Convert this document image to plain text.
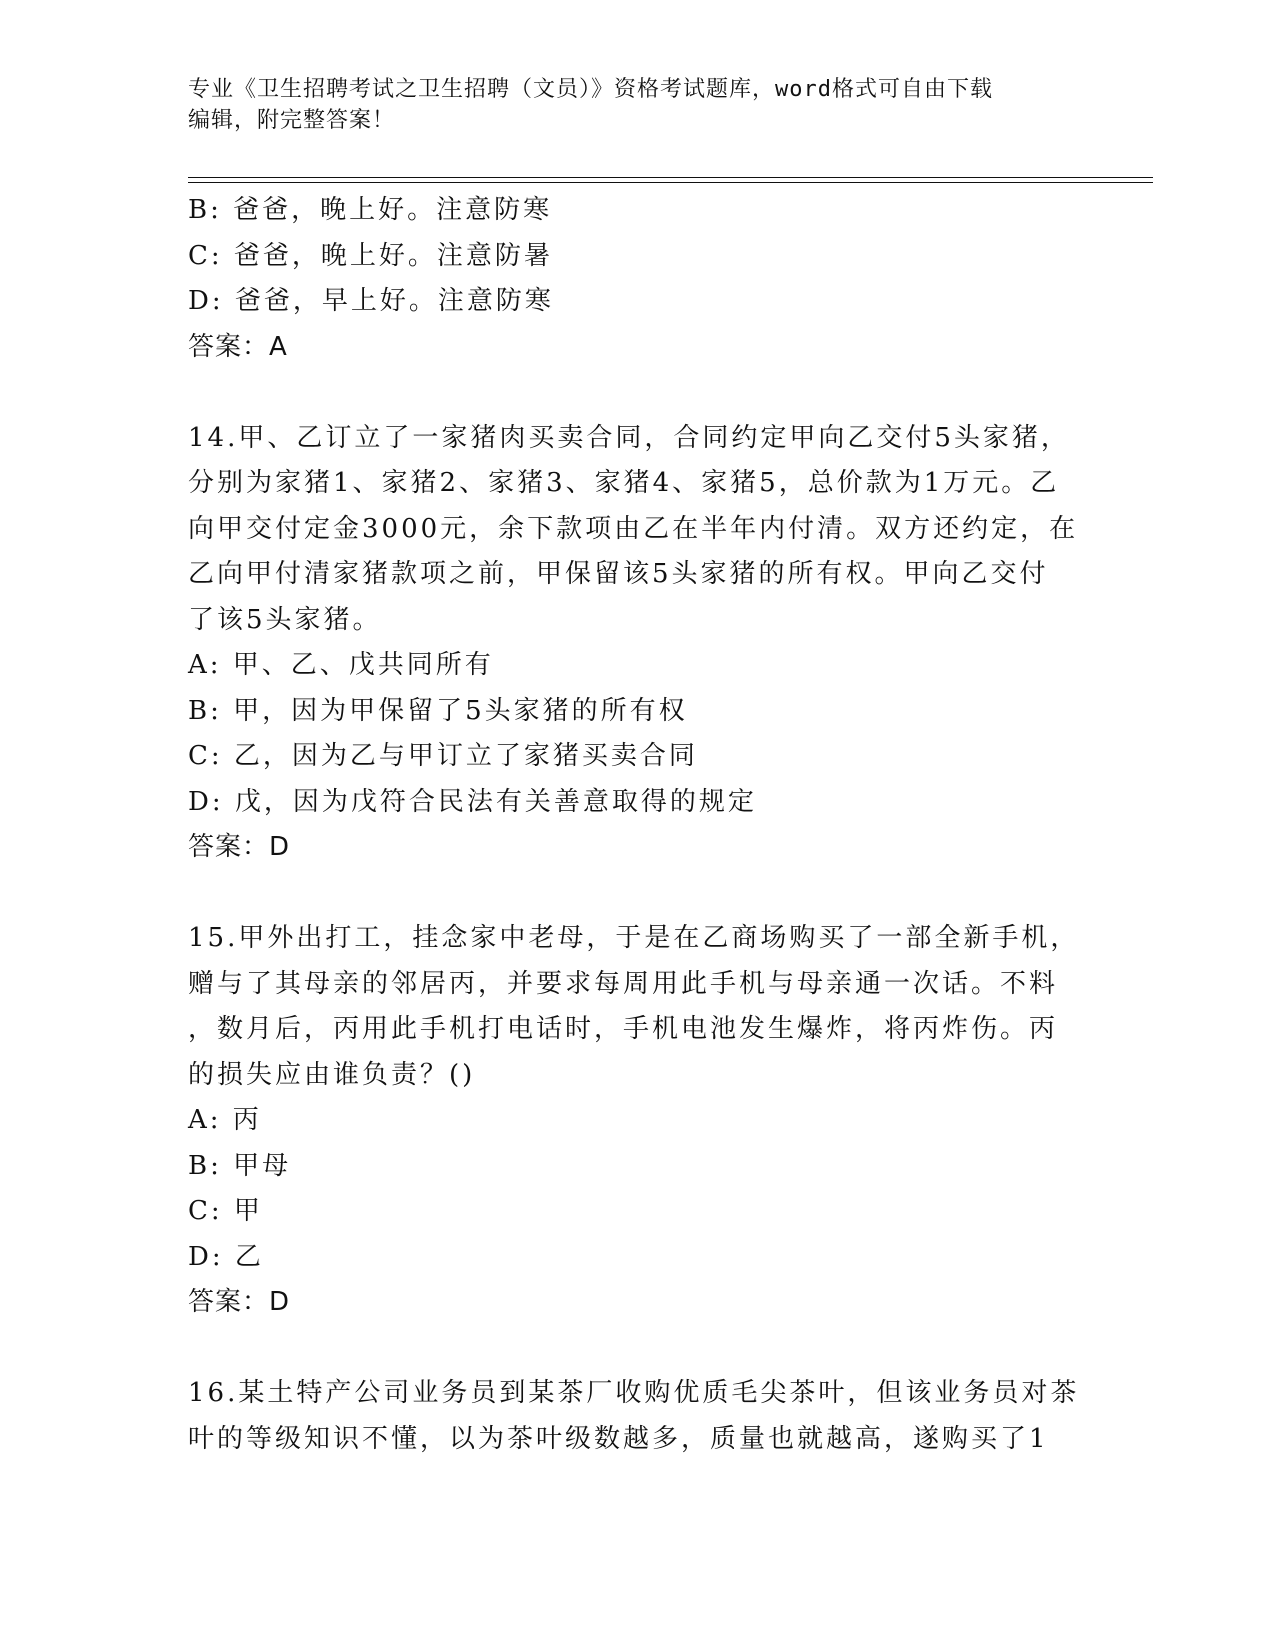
专业《卫生招聘考试之卫生招聘（文员）》资格考试题库，word格式可自由下载
编辑，附完整答案！
B: 爸爸，晚上好。注意防寒
C: 爸爸，晚上好。注意防暑
D: 爸爸，早上好。注意防寒
答案：A
14.甲、乙订立了一家猪肉买卖合同，合同约定甲向乙交付5头家猪，
分别为家猪1、家猪2、家猪3、家猪4、家猪5，总价款为1万元。乙
向甲交付定金3000元，余下款项由乙在半年内付清。双方还约定，在
乙向甲付清家猪款项之前，甲保留该5头家猪的所有权。甲向乙交付
了该5头家猪。
A: 甲、乙、戊共同所有
B: 甲，因为甲保留了5头家猪的所有权
C: 乙，因为乙与甲订立了家猪买卖合同
D: 戊，因为戊符合民法有关善意取得的规定
答案：D
15.甲外出打工，挂念家中老母，于是在乙商场购买了一部全新手机，
赠与了其母亲的邻居丙，并要求每周用此手机与母亲通一次话。不料
，数月后，丙用此手机打电话时，手机电池发生爆炸，将丙炸伤。丙
的损失应由谁负责？()
A: 丙
B: 甲母
C: 甲
D: 乙
答案：D
16.某土特产公司业务员到某茶厂收购优质毛尖茶叶，但该业务员对茶
叶的等级知识不懂，以为茶叶级数越多，质量也就越高，遂购买了1
